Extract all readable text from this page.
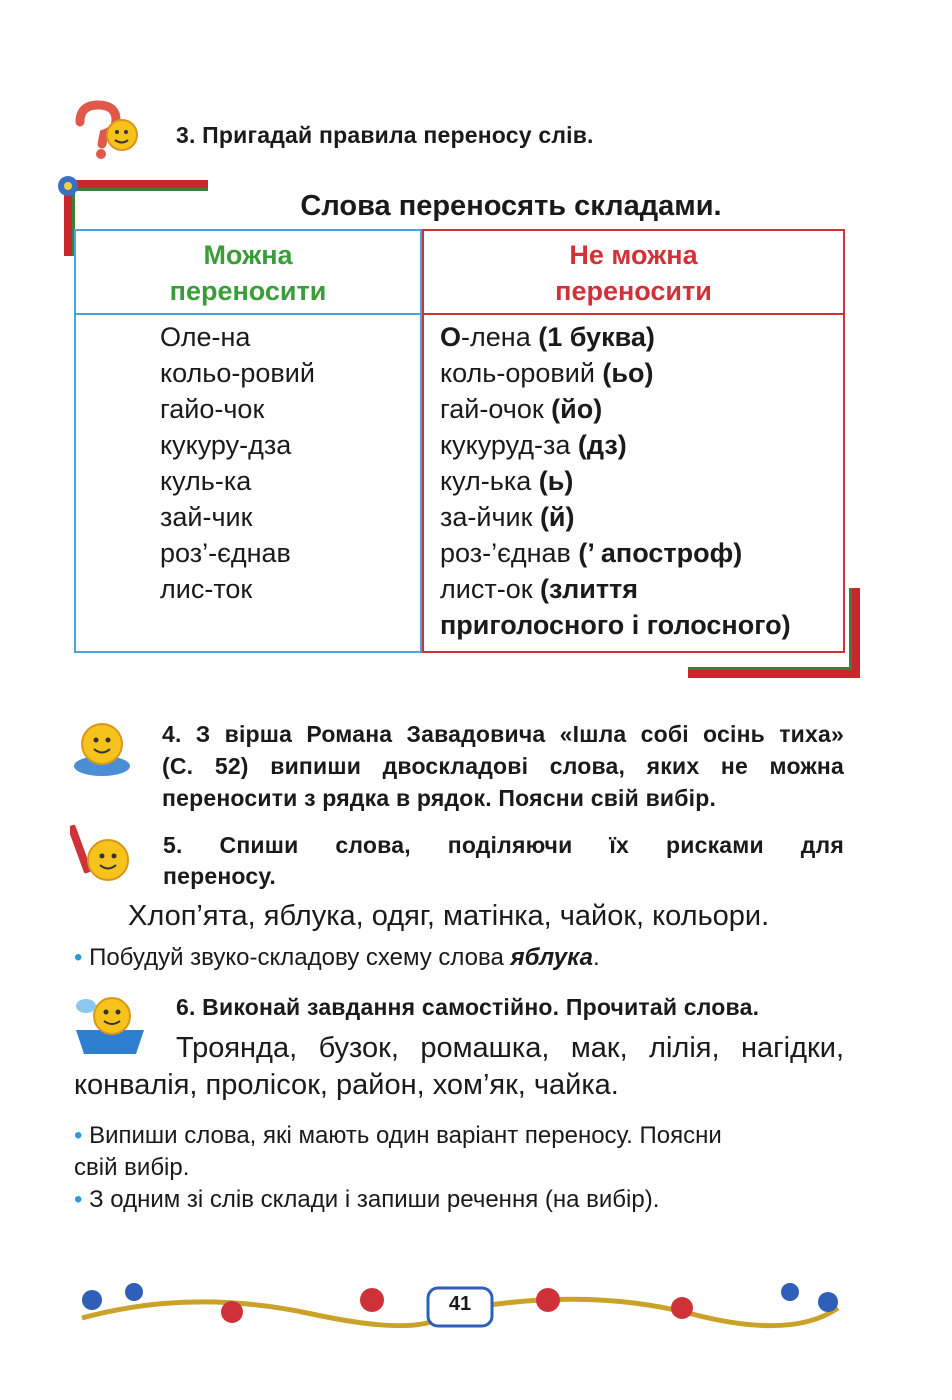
3. Пригадай правила переносу слів.
Слова переносять складами.
Можна
переносити
Оле-на
кольо-ровий
гайо-чок
кукуру-дза
куль-ка
зай-чик
роз’-єднав
лис-ток
Не можна
переносити
О-лена (1 буква)
коль-оровий (ьо)
гай-очок (йо)
кукуруд-за (дз)
кул-ька (ь)
за-йчик (й)
роз-’єднав (’ апостроф)
лист-ок (злиття
приголосного і голосного)
4. З вірша Романа Завадовича «Ішла собі осінь тиха»
(С. 52) випиши двоскладові слова, яких не можна
переносити з рядка в рядок. Поясни свій вибір.
5. Спиши слова, поділяючи їх рисками для
переносу.
Хлоп’ята, яблука, одяг, матінка, чайок, кольори.
• Побудуй звуко-складову схему слова яблука.
6. Виконай завдання самостійно. Прочитай слова.
Троянда, бузок, ромашка, мак, лілія, нагідки,
конвалія, пролісок, район, хом’як, чайка.
• Випиши слова, які мають один варіант переносу. Поясни
свій вибір.
• З одним зі слів склади і запиши речення (на вибір).
41
